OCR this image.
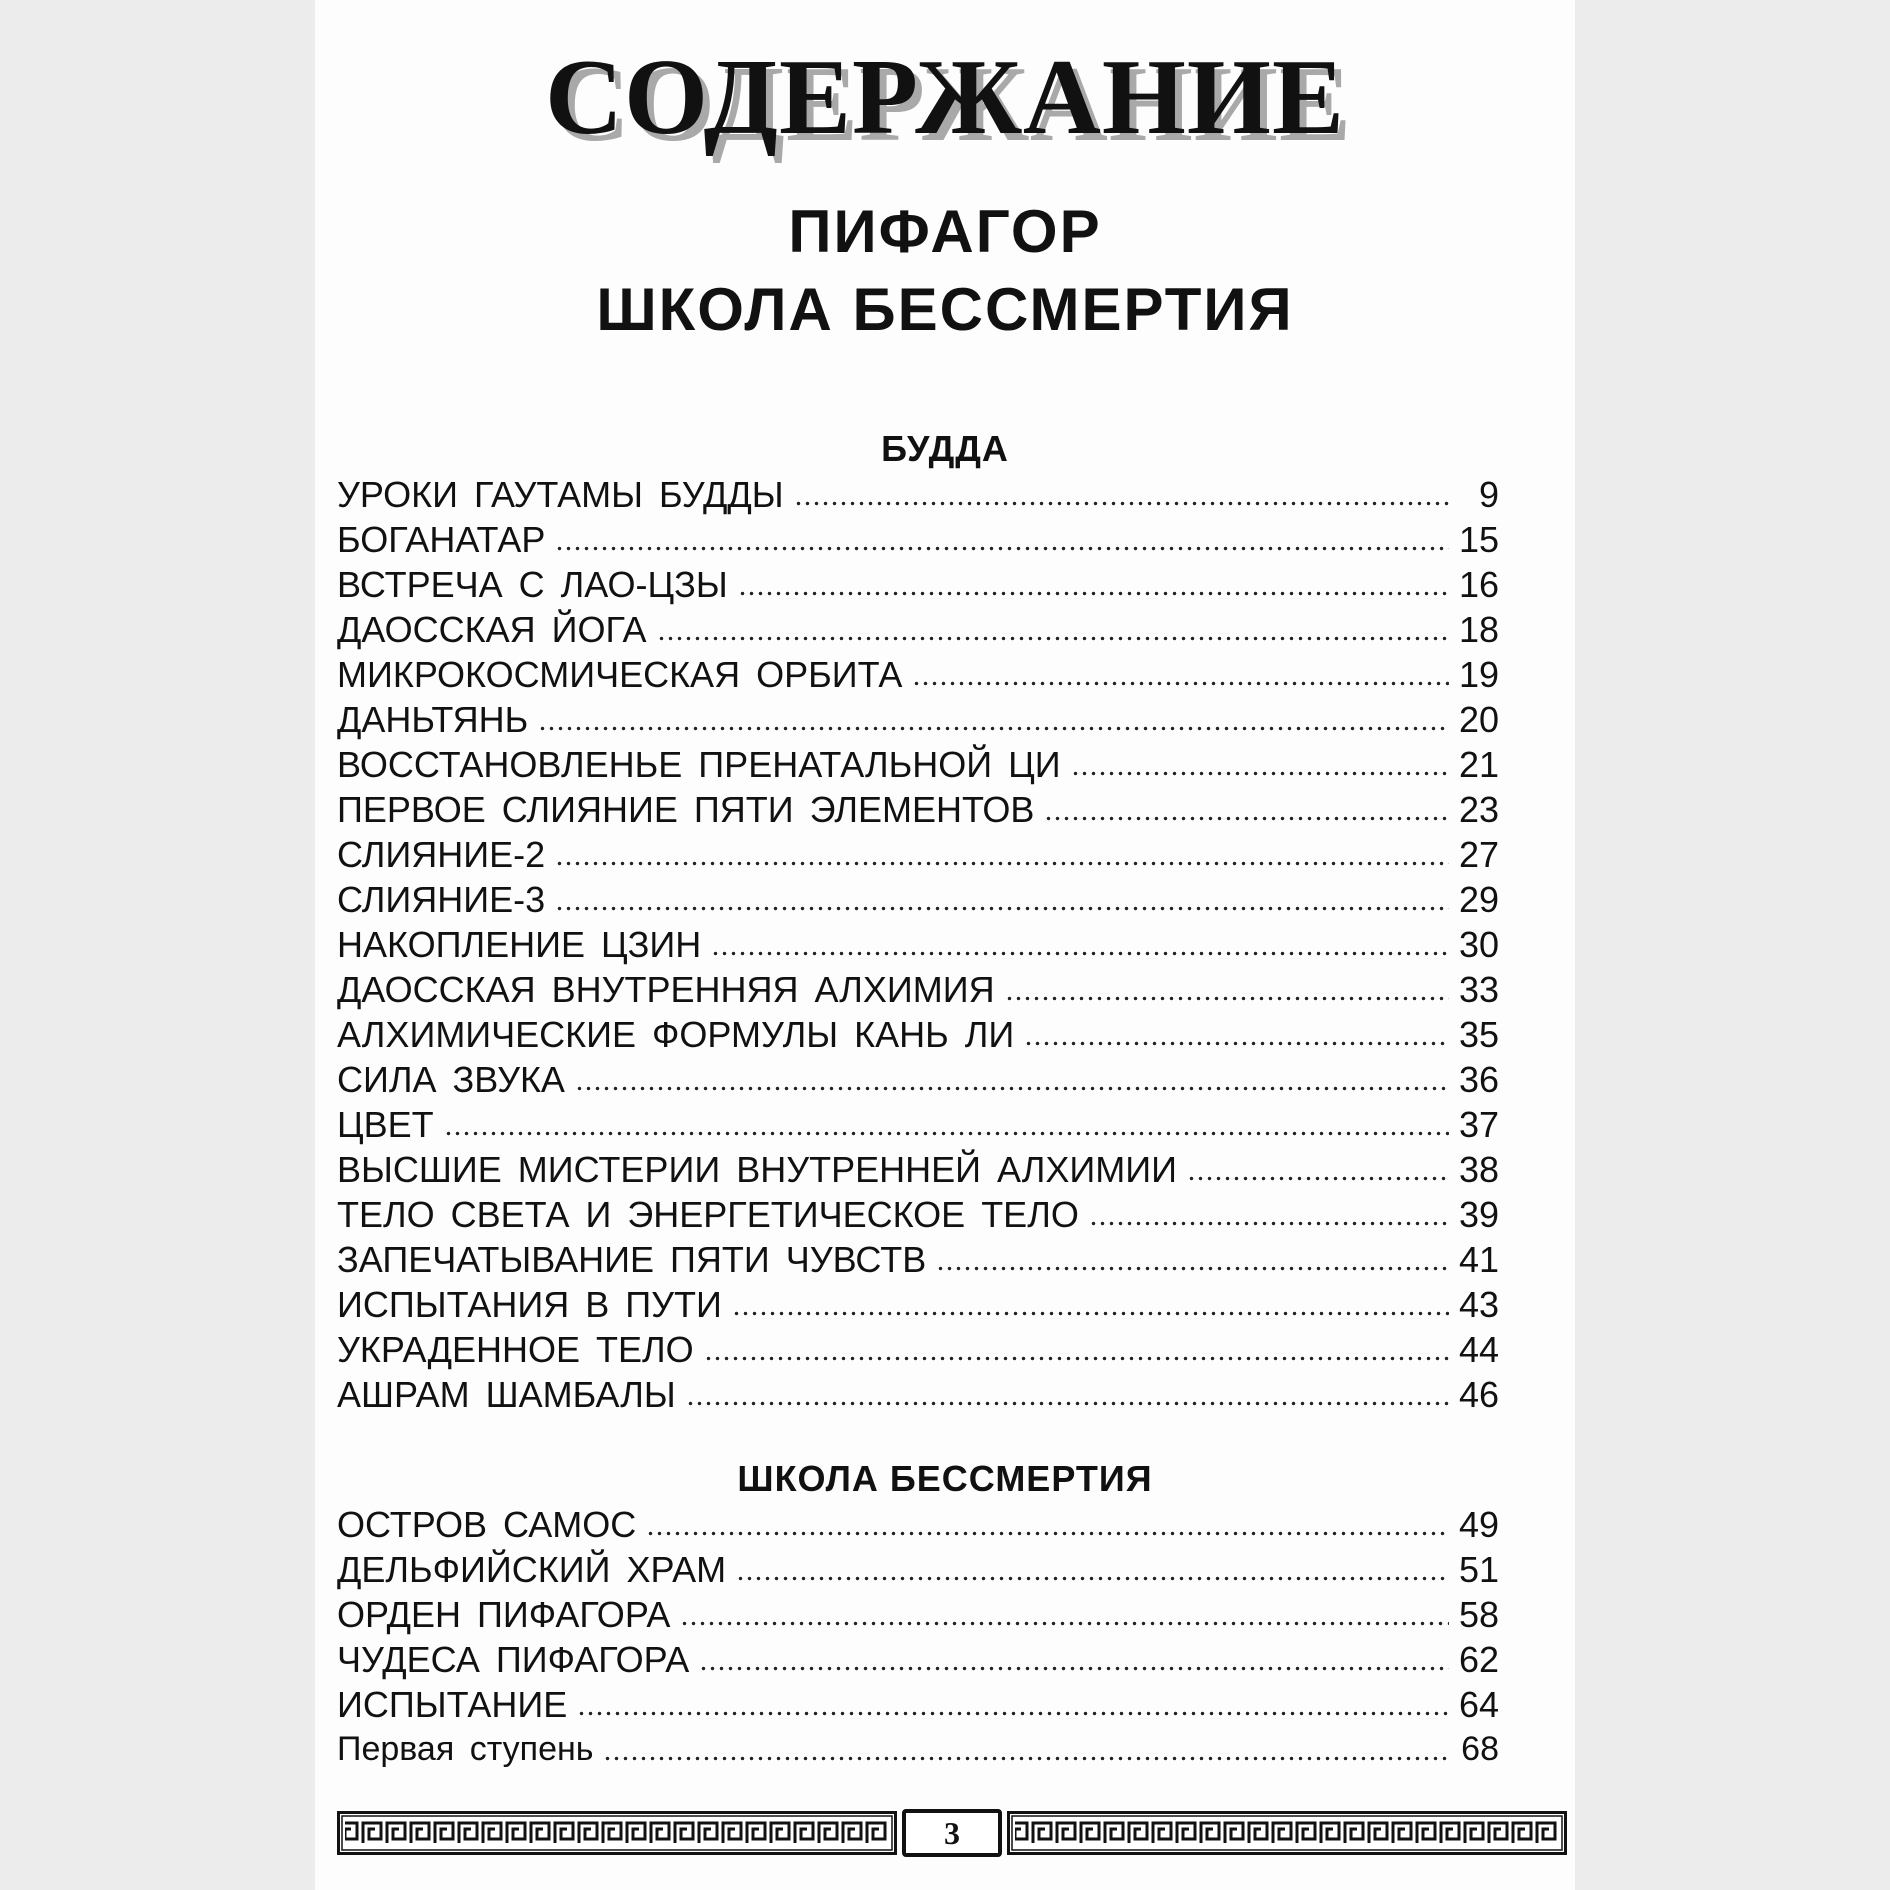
СОДЕРЖАНИЕ
ПИФАГОР
ШКОЛА БЕССМЕРТИЯ
БУДДА
УРОКИ ГАУТАМЫ БУДДЫ	9
БОГАНАТАР	15
ВСТРЕЧА С ЛАО-ЦЗЫ	16
ДАОССКАЯ ЙОГА	18
МИКРОКОСМИЧЕСКАЯ ОРБИТА	19
ДАНЬТЯНЬ	20
ВОССТАНОВЛЕНЬЕ ПРЕНАТАЛЬНОЙ ЦИ	21
ПЕРВОЕ СЛИЯНИЕ ПЯТИ ЭЛЕМЕНТОВ	23
СЛИЯНИЕ-2	27
СЛИЯНИЕ-3	29
НАКОПЛЕНИЕ ЦЗИН	30
ДАОССКАЯ ВНУТРЕННЯЯ АЛХИМИЯ	33
АЛХИМИЧЕСКИЕ ФОРМУЛЫ КАНЬ ЛИ	35
СИЛА ЗВУКА	36
ЦВЕТ	37
ВЫСШИЕ МИСТЕРИИ ВНУТРЕННЕЙ АЛХИМИИ	38
ТЕЛО СВЕТА И ЭНЕРГЕТИЧЕСКОЕ ТЕЛО	39
ЗАПЕЧАТЫВАНИЕ ПЯТИ ЧУВСТВ	41
ИСПЫТАНИЯ В ПУТИ	43
УКРАДЕННОЕ ТЕЛО	44
АШРАМ ШАМБАЛЫ	46
ШКОЛА БЕССМЕРТИЯ
ОСТРОВ САМОС	49
ДЕЛЬФИЙСКИЙ ХРАМ	51
ОРДЕН ПИФАГОРА	58
ЧУДЕСА ПИФАГОРА	62
ИСПЫТАНИЕ	64
Первая ступень	68
3
